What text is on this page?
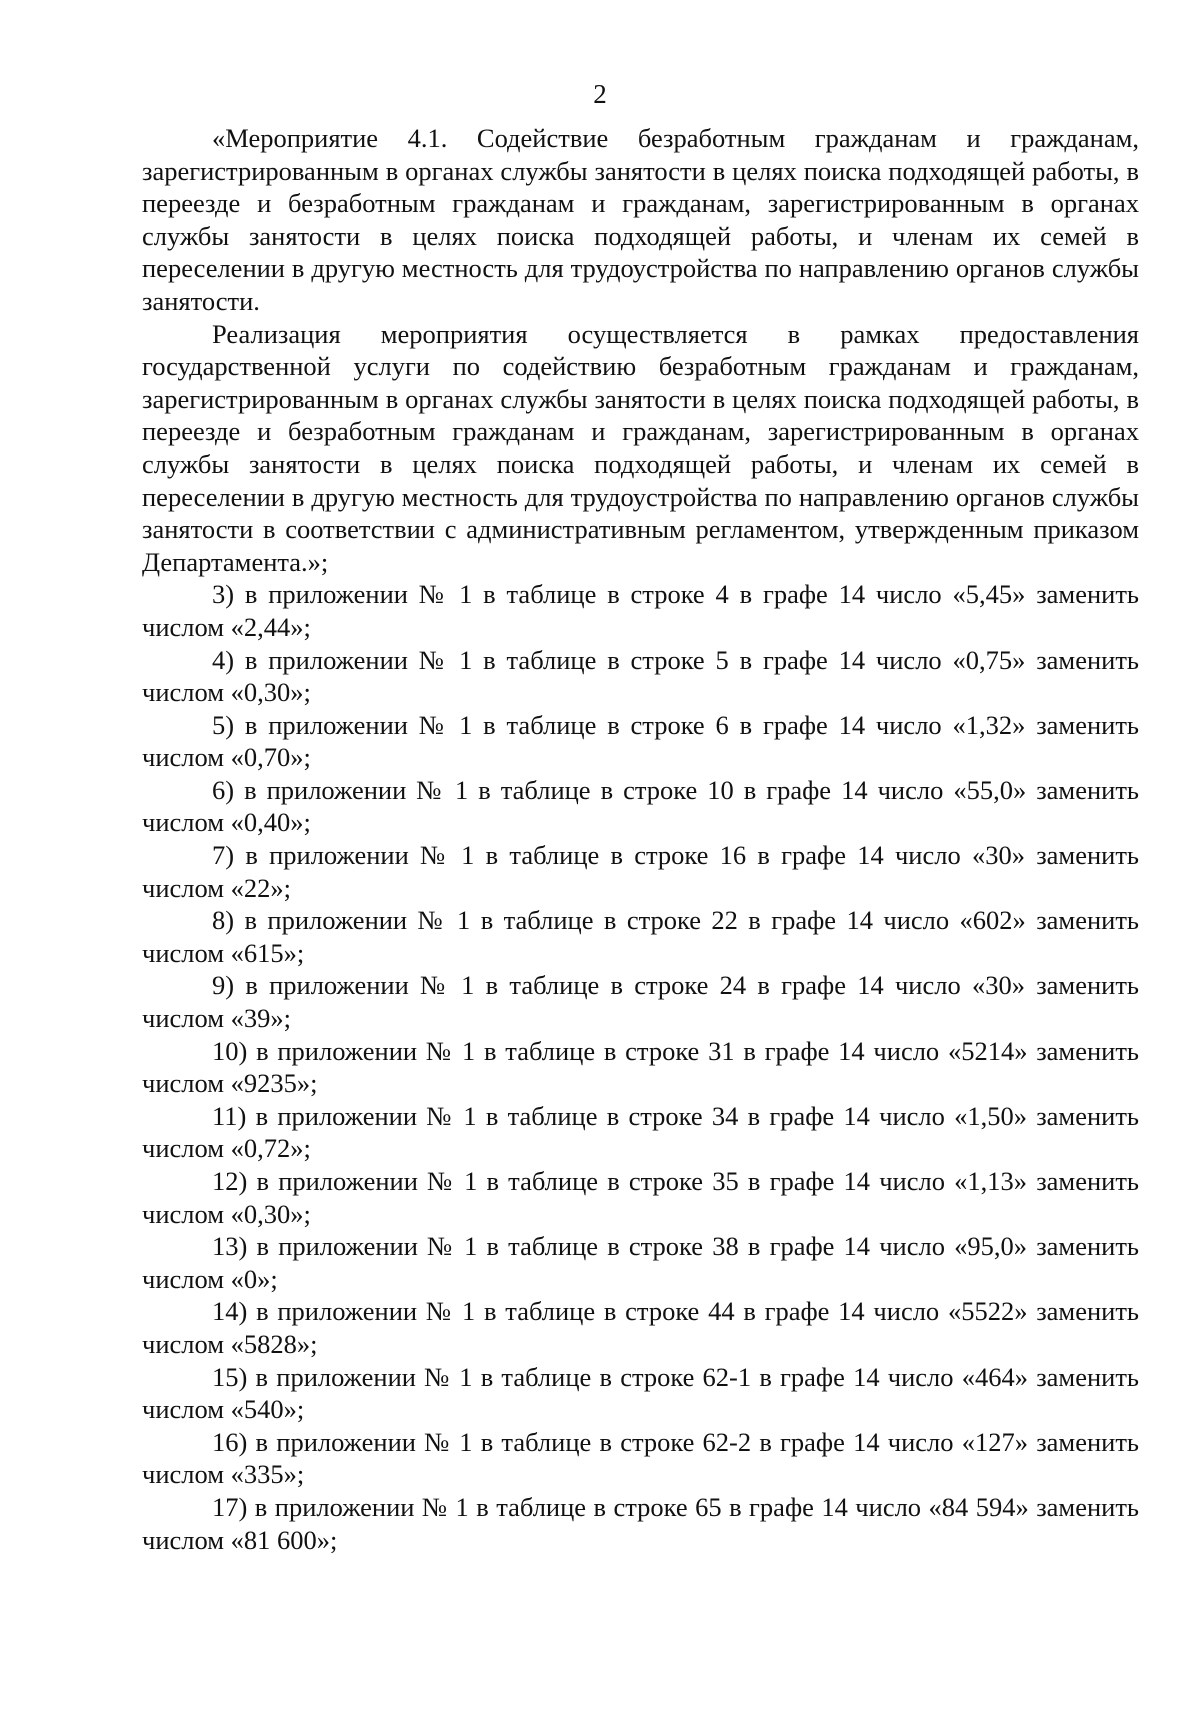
2

«Мероприятие 4.1. Содействие безработным гражданам и гражданам, зарегистрированным в органах службы занятости в целях поиска подходящей работы, в переезде и безработным гражданам и гражданам, зарегистрированным в органах службы занятости в целях поиска подходящей работы, и членам их семей в переселении в другую местность для трудоустройства по направлению органов службы занятости.

Реализация мероприятия осуществляется в рамках предоставления государственной услуги по содействию безработным гражданам и гражданам, зарегистрированным в органах службы занятости в целях поиска подходящей работы, в переезде и безработным гражданам и гражданам, зарегистрированным в органах службы занятости в целях поиска подходящей работы, и членам их семей в переселении в другую местность для трудоустройства по направлению органов службы занятости в соответствии с административным регламентом, утвержденным приказом Департамента.»;

3) в приложении № 1 в таблице в строке 4 в графе 14 число «5,45» заменить числом «2,44»;

4) в приложении № 1 в таблице в строке 5 в графе 14 число «0,75» заменить числом «0,30»;

5) в приложении № 1 в таблице в строке 6 в графе 14 число «1,32» заменить числом «0,70»;

6) в приложении № 1 в таблице в строке 10 в графе 14 число «55,0» заменить числом «0,40»;

7) в приложении № 1 в таблице в строке 16 в графе 14 число «30» заменить числом «22»;

8) в приложении № 1 в таблице в строке 22 в графе 14 число «602» заменить числом «615»;

9) в приложении № 1 в таблице в строке 24 в графе 14 число «30» заменить числом «39»;

10) в приложении № 1 в таблице в строке 31 в графе 14 число «5214» заменить числом «9235»;

11) в приложении № 1 в таблице в строке 34 в графе 14 число «1,50» заменить числом «0,72»;

12) в приложении № 1 в таблице в строке 35 в графе 14 число «1,13» заменить числом «0,30»;

13) в приложении № 1 в таблице в строке 38 в графе 14 число «95,0» заменить числом «0»;

14) в приложении № 1 в таблице в строке 44 в графе 14 число «5522» заменить числом «5828»;

15) в приложении № 1 в таблице в строке 62-1 в графе 14 число «464» заменить числом «540»;

16) в приложении № 1 в таблице в строке 62-2 в графе 14 число «127» заменить числом «335»;

17) в приложении № 1 в таблице в строке 65 в графе 14 число «84 594» заменить числом «81 600»;
